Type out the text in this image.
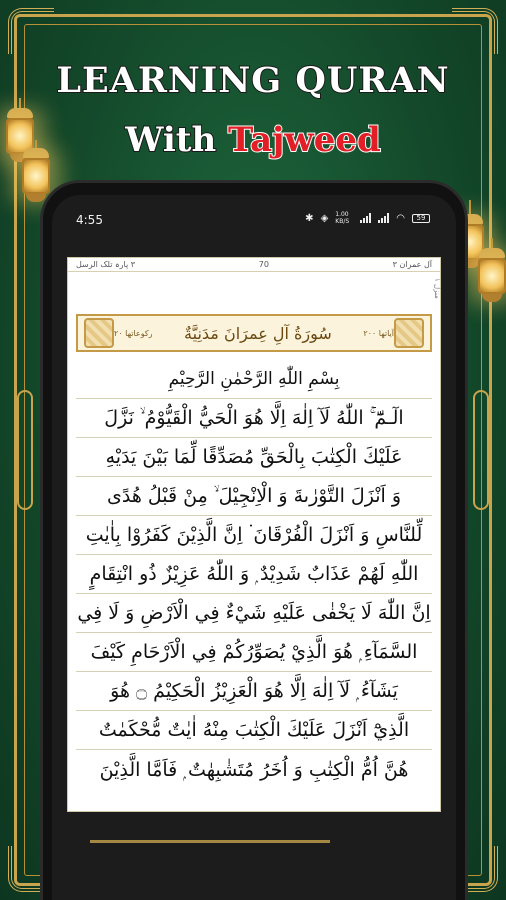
LEARNING QURAN
With Tajweed
4:55	✱ ◈ 1.00 KB/S	◠	59
٣ پارہ تلک الرسل	70	آل عمران ٣
منزل ١
رکوعاتها ٢٠	سُورَةُ آلِ عِمرَانَ مَدَنِيَّةٌ	آیاتها ٢٠٠
بِسْمِ اللّٰهِ الرَّحْمٰنِ الرَّحِيْمِ
الٓـمّٓ ۚ اللّٰهُ لَآ اِلٰهَ اِلَّا هُوَ الْحَيُّ الْقَيُّوْمُ ۙ نَزَّلَ
عَلَيْكَ الْكِتٰبَ بِالْحَقِّ مُصَدِّقًا لِّمَا بَيْنَ يَدَيْهِ
وَ اَنْزَلَ التَّوْرٰىةَ وَ الْاِنْجِيْلَ ۙ مِنْ قَبْلُ هُدًى
لِّلنَّاسِ وَ اَنْزَلَ الْفُرْقَانَ ۬ اِنَّ الَّذِيْنَ كَفَرُوْا بِاٰيٰتِ
اللّٰهِ لَهُمْ عَذَابٌ شَدِيْدٌ ۭ وَ اللّٰهُ عَزِيْزٌ ذُو انْتِقَامٍ
اِنَّ اللّٰهَ لَا يَخْفٰى عَلَيْهِ شَيْءٌ فِي الْاَرْضِ وَ لَا فِي
السَّمَآءِ ۭ هُوَ الَّذِيْ يُصَوِّرُكُمْ فِي الْاَرْحَامِ كَيْفَ
يَشَآءُ ۭ لَآ اِلٰهَ اِلَّا هُوَ الْعَزِيْزُ الْحَكِيْمُ ۝ هُوَ
الَّذِيْٓ اَنْزَلَ عَلَيْكَ الْكِتٰبَ مِنْهُ اٰيٰتٌ مُّحْكَمٰتٌ
هُنَّ اُمُّ الْكِتٰبِ وَ اُخَرُ مُتَشٰبِهٰتٌ ۭ فَاَمَّا الَّذِيْنَ
